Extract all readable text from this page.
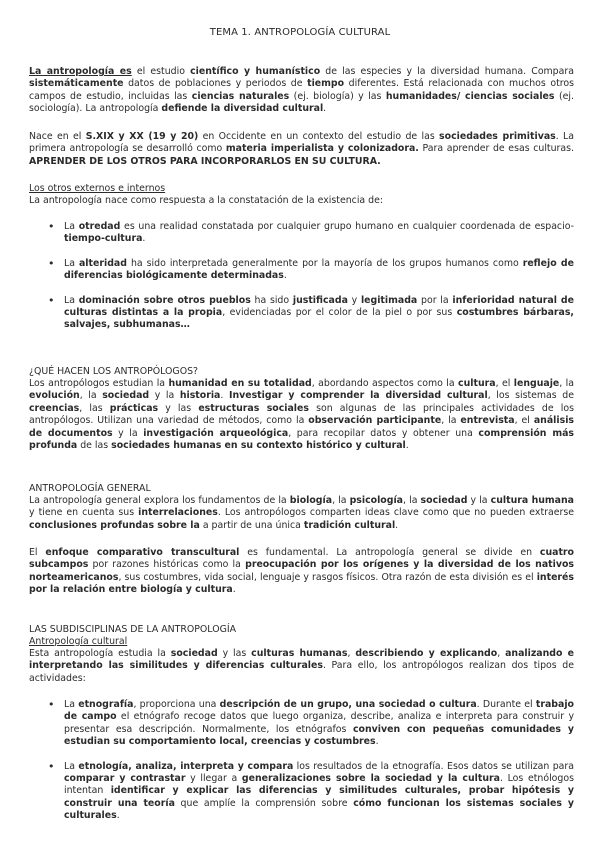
TEMA 1. ANTROPOLOGÍA CULTURAL
La antropología es el estudio científico y humanístico de las especies y la diversidad humana. Compara sistemáticamente datos de poblaciones y periodos de tiempo diferentes. Está relacionada con muchos otros campos de estudio, incluidas las ciencias naturales (ej. biología) y las humanidades/ ciencias sociales (ej. sociología). La antropología defiende la diversidad cultural.
Nace en el S.XIX y XX (19 y 20) en Occidente en un contexto del estudio de las sociedades primitivas. La primera antropología se desarrolló como materia imperialista y colonizadora. Para aprender de esas culturas. APRENDER DE LOS OTROS PARA INCORPORARLOS EN SU CULTURA.
Los otros externos e internos
La antropología nace como respuesta a la constatación de la existencia de:
• La otredad es una realidad constatada por cualquier grupo humano en cualquier coordenada de espacio-tiempo-cultura.
• La alteridad ha sido interpretada generalmente por la mayoría de los grupos humanos como reflejo de diferencias biológicamente determinadas.
• La dominación sobre otros pueblos ha sido justificada y legitimada por la inferioridad natural de culturas distintas a la propia, evidenciadas por el color de la piel o por sus costumbres bárbaras, salvajes, subhumanas…
¿QUÉ HACEN LOS ANTROPÓLOGOS?
Los antropólogos estudian la humanidad en su totalidad, abordando aspectos como la cultura, el lenguaje, la evolución, la sociedad y la historia. Investigar y comprender la diversidad cultural, los sistemas de creencias, las prácticas y las estructuras sociales son algunas de las principales actividades de los antropólogos. Utilizan una variedad de métodos, como la observación participante, la entrevista, el análisis de documentos y la investigación arqueológica, para recopilar datos y obtener una comprensión más profunda de las sociedades humanas en su contexto histórico y cultural.
ANTROPOLOGÍA GENERAL
La antropología general explora los fundamentos de la biología, la psicología, la sociedad y la cultura humana y tiene en cuenta sus interrelaciones. Los antropólogos comparten ideas clave como que no pueden extraerse conclusiones profundas sobre la a partir de una única tradición cultural.
El enfoque comparativo transcultural es fundamental. La antropología general se divide en cuatro subcampos por razones históricas como la preocupación por los orígenes y la diversidad de los nativos norteamericanos, sus costumbres, vida social, lenguaje y rasgos físicos. Otra razón de esta división es el interés por la relación entre biología y cultura.
LAS SUBDISCIPLINAS DE LA ANTROPOLOGÍA
Antropología cultural
Esta antropología estudia la sociedad y las culturas humanas, describiendo y explicando, analizando e interpretando las similitudes y diferencias culturales. Para ello, los antropólogos realizan dos tipos de actividades:
• La etnografía, proporciona una descripción de un grupo, una sociedad o cultura. Durante el trabajo de campo el etnógrafo recoge datos que luego organiza, describe, analiza e interpreta para construir y presentar esa descripción. Normalmente, los etnógrafos conviven con pequeñas comunidades y estudian su comportamiento local, creencias y costumbres.
• La etnología, analiza, interpreta y compara los resultados de la etnografía. Esos datos se utilizan para comparar y contrastar y llegar a generalizaciones sobre la sociedad y la cultura. Los etnólogos intentan identificar y explicar las diferencias y similitudes culturales, probar hipótesis y construir una teoría que amplíe la comprensión sobre cómo funcionan los sistemas sociales y culturales.
